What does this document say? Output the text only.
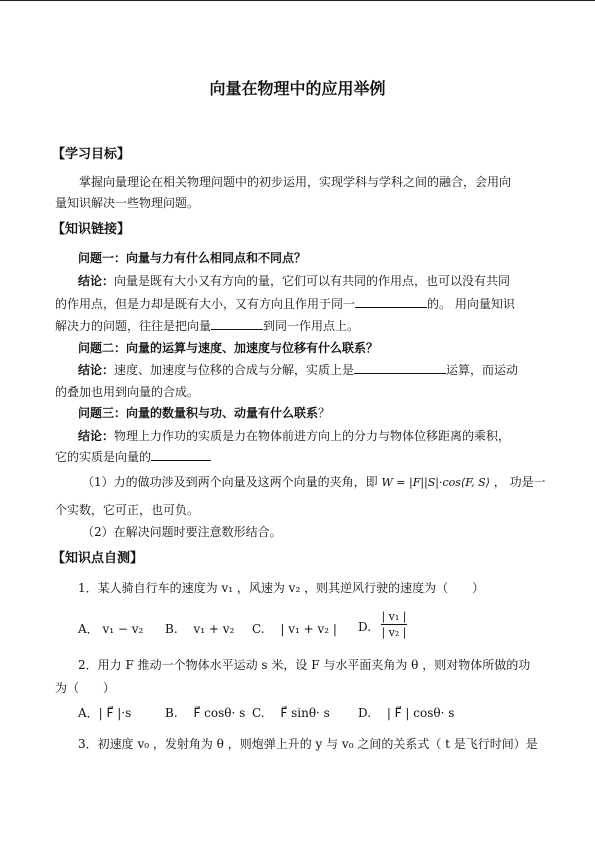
向量在物理中的应用举例
【学习目标】
掌握向量理论在相关物理问题中的初步运用，实现学科与学科之间的融合，会用向
量知识解决一些物理问题。
【知识链接】
问题一：向量与力有什么相同点和不同点？
结论：向量是既有大小又有方向的量，它们可以有共同的作用点，也可以没有共同
的作用点，但是力却是既有大小，又有方向且作用于同一	的。 用向量知识
解决力的问题，往往是把向量	到同一作用点上。
问题二：向量的运算与速度、加速度与位移有什么联系？
结论：速度、加速度与位移的合成与分解，实质上是	运算，而运动
的叠加也用到向量的合成。
问题三：向量的数量积与功、动量有什么联系？
结论：物理上力作功的实质是力在物体前进方向上的分力与物体位移距离的乘积，
它的实质是向量的
（1）力的做功涉及到两个向量及这两个向量的夹角，即 W = |F||S|·cos⟨F, S⟩ ， 功是一
个实数，它可正，也可负。
（2）在解决问题时要注意数形结合。
【知识点自测】
1．某人骑自行车的速度为 v₁ ，风速为 v₂ ，则其逆风行驶的速度为（　　）
A． v₁ − v₂ B.　 v₁ + v₂ C.　 | v₁ + v₂ | D.
| v₁ |
| v₂ |
2．用力 F 推动一个物体水平运动 s 米，设 F 与水平面夹角为 θ ，则对物体所做的功
为（　　）
A．| F⃗ |·s	B.　 F⃗ cosθ· s C.　 F⃗ sinθ· s D.　 | F⃗ | cosθ· s
3．初速度 v₀ ，发射角为 θ ，则炮弹上升的 y 与 v₀ 之间的关系式（ t 是飞行时间）是
